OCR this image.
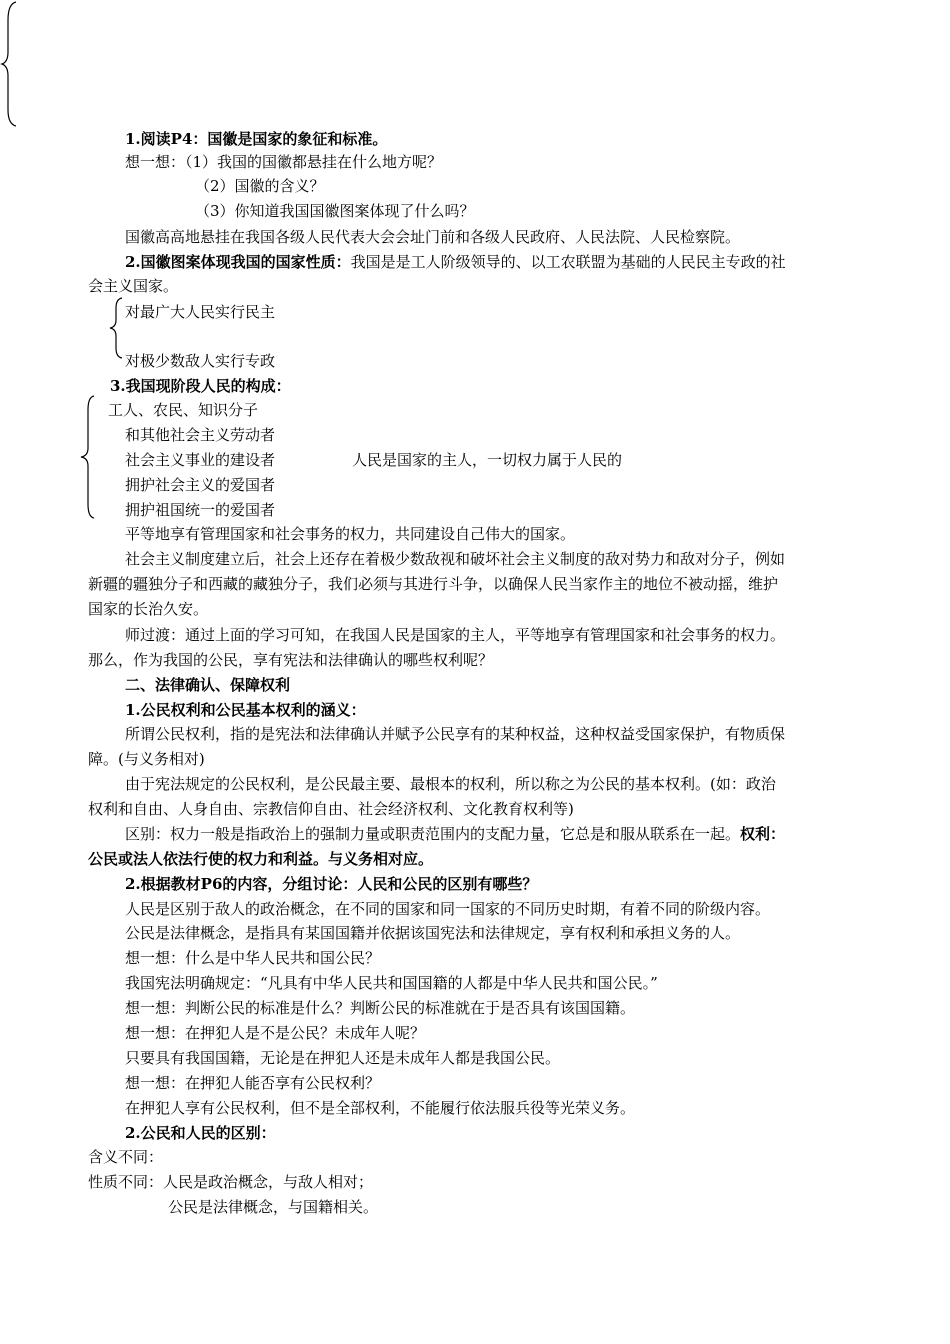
1.阅读P4：国徽是国家的象征和标准。
想一想：（1）我国的国徽都悬挂在什么地方呢？
（2）国徽的含义？
（3）你知道我国国徽图案体现了什么吗？
国徽高高地悬挂在我国各级人民代表大会会址门前和各级人民政府、人民法院、人民检察院。
2.国徽图案体现我国的国家性质：我国是是工人阶级领导的、以工农联盟为基础的人民民主专政的社
会主义国家。
对最广大人民实行民主
对极少数敌人实行专政
3.我国现阶段人民的构成：
工人、农民、知识分子
和其他社会主义劳动者
社会主义事业的建设者	人民是国家的主人，一切权力属于人民的
拥护社会主义的爱国者
拥护祖国统一的爱国者
平等地享有管理国家和社会事务的权力，共同建设自己伟大的国家。
社会主义制度建立后，社会上还存在着极少数敌视和破坏社会主义制度的敌对势力和敌对分子，例如
新疆的疆独分子和西藏的藏独分子，我们必须与其进行斗争，以确保人民当家作主的地位不被动摇，维护
国家的长治久安。
师过渡：通过上面的学习可知，在我国人民是国家的主人，平等地享有管理国家和社会事务的权力。
那么，作为我国的公民，享有宪法和法律确认的哪些权利呢？
二、法律确认、保障权利
1.公民权利和公民基本权利的涵义：
所谓公民权利，指的是宪法和法律确认并赋予公民享有的某种权益，这种权益受国家保护，有物质保
障。(与义务相对)
由于宪法规定的公民权利，是公民最主要、最根本的权利，所以称之为公民的基本权利。(如：政治
权利和自由、人身自由、宗教信仰自由、社会经济权利、文化教育权利等)
区别：权力一般是指政治上的强制力量或职责范围内的支配力量，它总是和服从联系在一起。权利：
公民或法人依法行使的权力和利益。与义务相对应。
2.根据教材P6的内容，分组讨论：人民和公民的区别有哪些？
人民是区别于敌人的政治概念，在不同的国家和同一国家的不同历史时期，有着不同的阶级内容。
公民是法律概念，是指具有某国国籍并依据该国宪法和法律规定，享有权利和承担义务的人。
想一想：什么是中华人民共和国公民？
我国宪法明确规定：“凡具有中华人民共和国国籍的人都是中华人民共和国公民。”
想一想：判断公民的标准是什么？判断公民的标准就在于是否具有该国国籍。
想一想：在押犯人是不是公民？未成年人呢？
只要具有我国国籍，无论是在押犯人还是未成年人都是我国公民。
想一想：在押犯人能否享有公民权利？
在押犯人享有公民权利，但不是全部权利，不能履行依法服兵役等光荣义务。
2.公民和人民的区别：
含义不同：
性质不同：人民是政治概念，与敌人相对；
公民是法律概念，与国籍相关。
